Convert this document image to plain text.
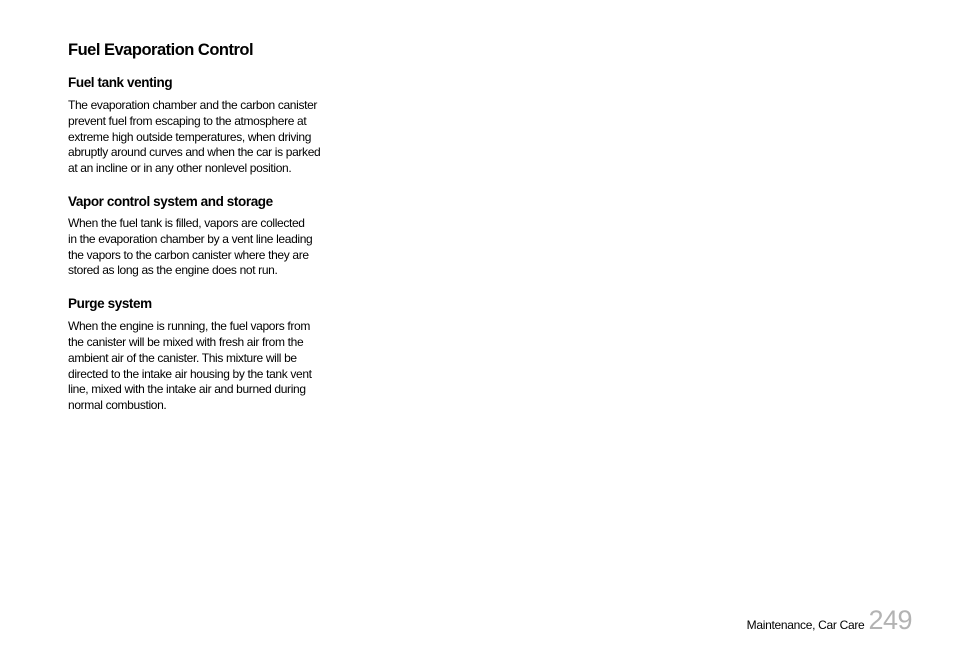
Fuel Evaporation Control
Fuel tank venting

The evaporation chamber and the carbon canister
prevent fuel from escaping to the atmosphere at
extreme high outside temperatures, when driving
abruptly around curves and when the car is parked
at an incline or in any other nonlevel position.

Vapor control system and storage

When the fuel tank is filled, vapors are collected
in the evaporation chamber by a vent line leading
the vapors to the carbon canister where they are
stored as long as the engine does not run.

Purge system

When the engine is running, the fuel vapors from
the canister will be mixed with fresh air from the
ambient air of the canister. This mixture will be
directed to the intake air housing by the tank vent
line, mixed with the intake air and burned during
normal combustion.

Maintenance, Car Care 249
